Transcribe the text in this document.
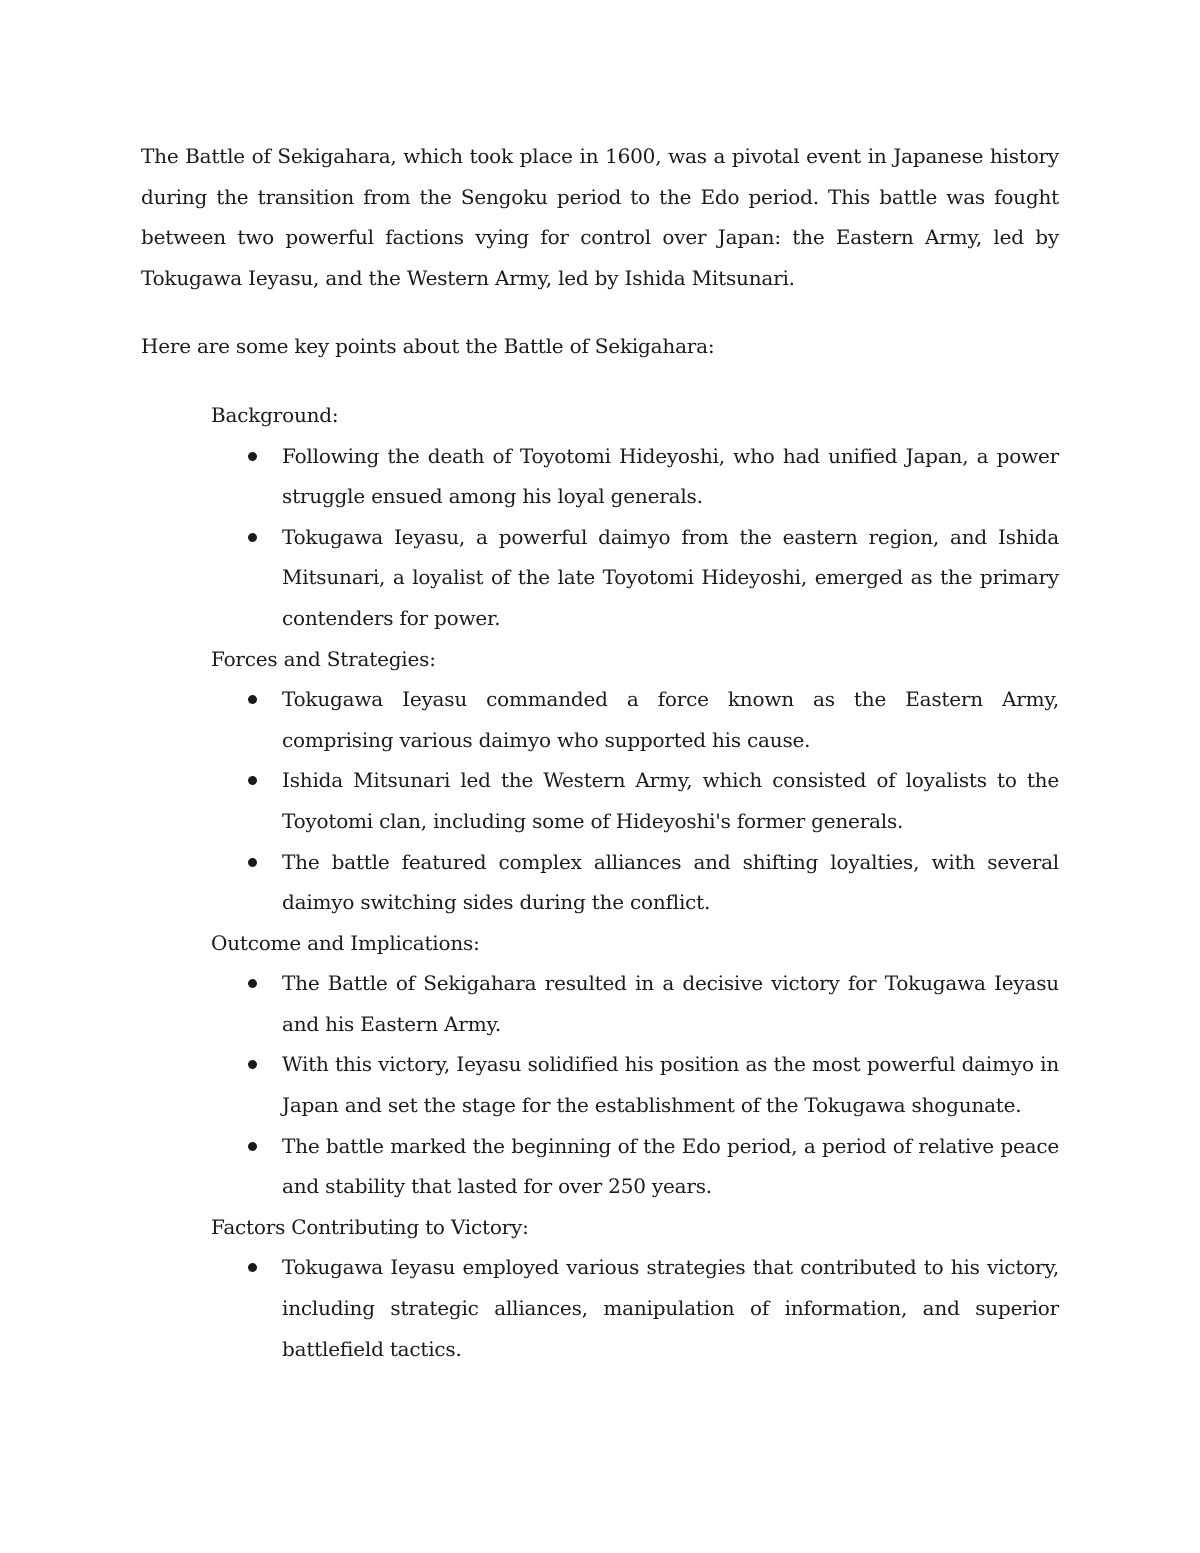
The Battle of Sekigahara, which took place in 1600, was a pivotal event in Japanese history during the transition from the Sengoku period to the Edo period. This battle was fought between two powerful factions vying for control over Japan: the Eastern Army, led by Tokugawa Ieyasu, and the Western Army, led by Ishida Mitsunari.

Here are some key points about the Battle of Sekigahara:

Background:

Following the death of Toyotomi Hideyoshi, who had unified Japan, a power struggle ensued among his loyal generals.
Tokugawa Ieyasu, a powerful daimyo from the eastern region, and Ishida Mitsunari, a loyalist of the late Toyotomi Hideyoshi, emerged as the primary contenders for power.

Forces and Strategies:

Tokugawa Ieyasu commanded a force known as the Eastern Army, comprising various daimyo who supported his cause.
Ishida Mitsunari led the Western Army, which consisted of loyalists to the Toyotomi clan, including some of Hideyoshi's former generals.
The battle featured complex alliances and shifting loyalties, with several daimyo switching sides during the conflict.

Outcome and Implications:

The Battle of Sekigahara resulted in a decisive victory for Tokugawa Ieyasu and his Eastern Army.
With this victory, Ieyasu solidified his position as the most powerful daimyo in Japan and set the stage for the establishment of the Tokugawa shogunate.
The battle marked the beginning of the Edo period, a period of relative peace and stability that lasted for over 250 years.

Factors Contributing to Victory:

Tokugawa Ieyasu employed various strategies that contributed to his victory, including strategic alliances, manipulation of information, and superior battlefield tactics.
